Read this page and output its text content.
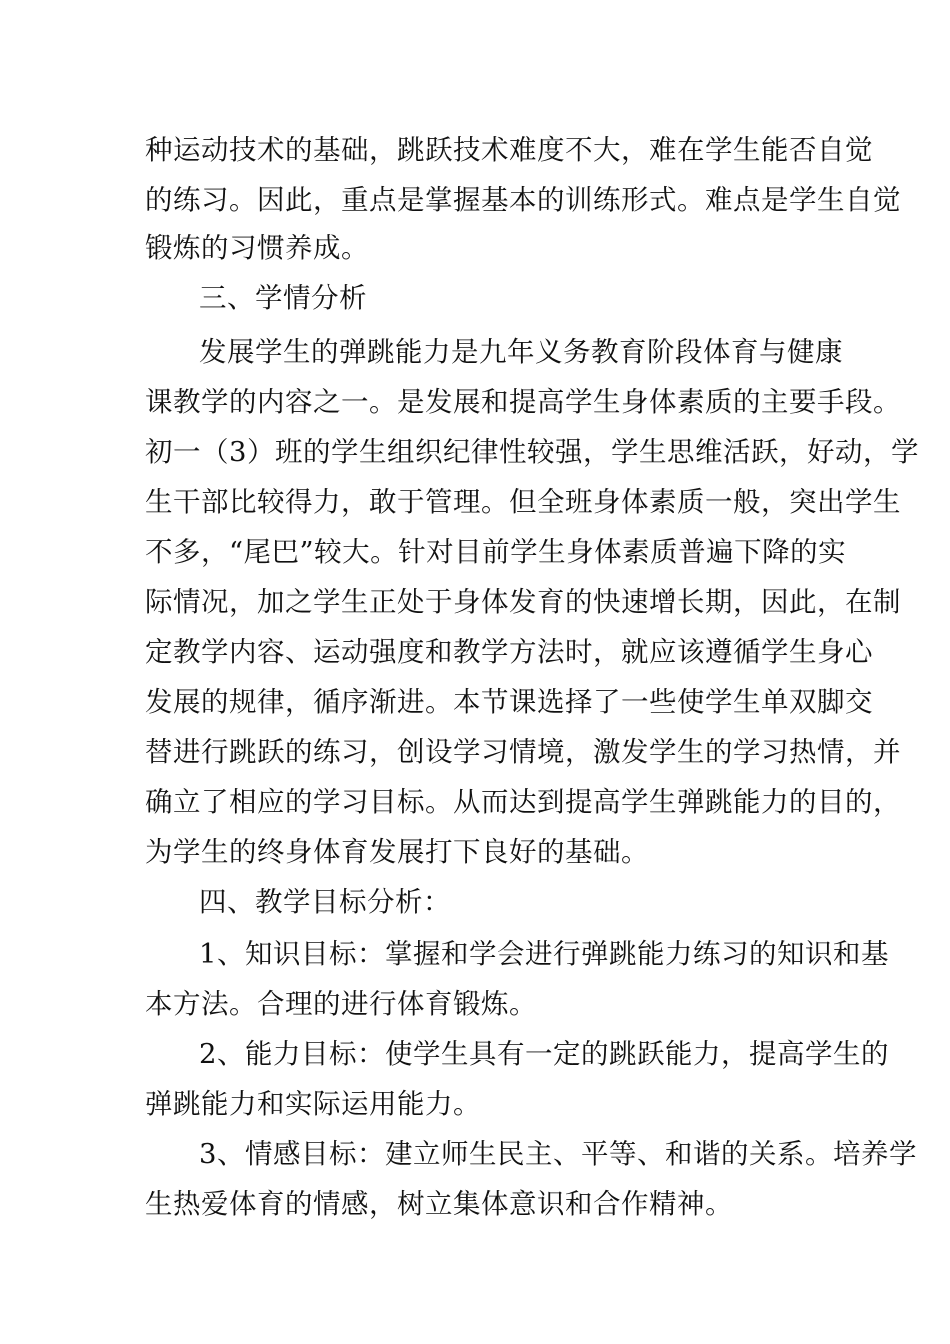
种运动技术的基础，跳跃技术难度不大，难在学生能否自觉
的练习。因此，重点是掌握基本的训练形式。难点是学生自觉
锻炼的习惯养成。
三、学情分析
发展学生的弹跳能力是九年义务教育阶段体育与健康
课教学的内容之一。是发展和提高学生身体素质的主要手段。
初一（3）班的学生组织纪律性较强，学生思维活跃，好动，学
生干部比较得力，敢于管理。但全班身体素质一般，突出学生
不多，“尾巴”较大。针对目前学生身体素质普遍下降的实
际情况，加之学生正处于身体发育的快速增长期，因此，在制
定教学内容、运动强度和教学方法时，就应该遵循学生身心
发展的规律，循序渐进。本节课选择了一些使学生单双脚交
替进行跳跃的练习，创设学习情境，激发学生的学习热情，并
确立了相应的学习目标。从而达到提高学生弹跳能力的目的，
为学生的终身体育发展打下良好的基础。
四、教学目标分析：
1、知识目标：掌握和学会进行弹跳能力练习的知识和基
本方法。合理的进行体育锻炼。
2、能力目标：使学生具有一定的跳跃能力，提高学生的
弹跳能力和实际运用能力。
3、情感目标：建立师生民主、平等、和谐的关系。培养学
生热爱体育的情感，树立集体意识和合作精神。
